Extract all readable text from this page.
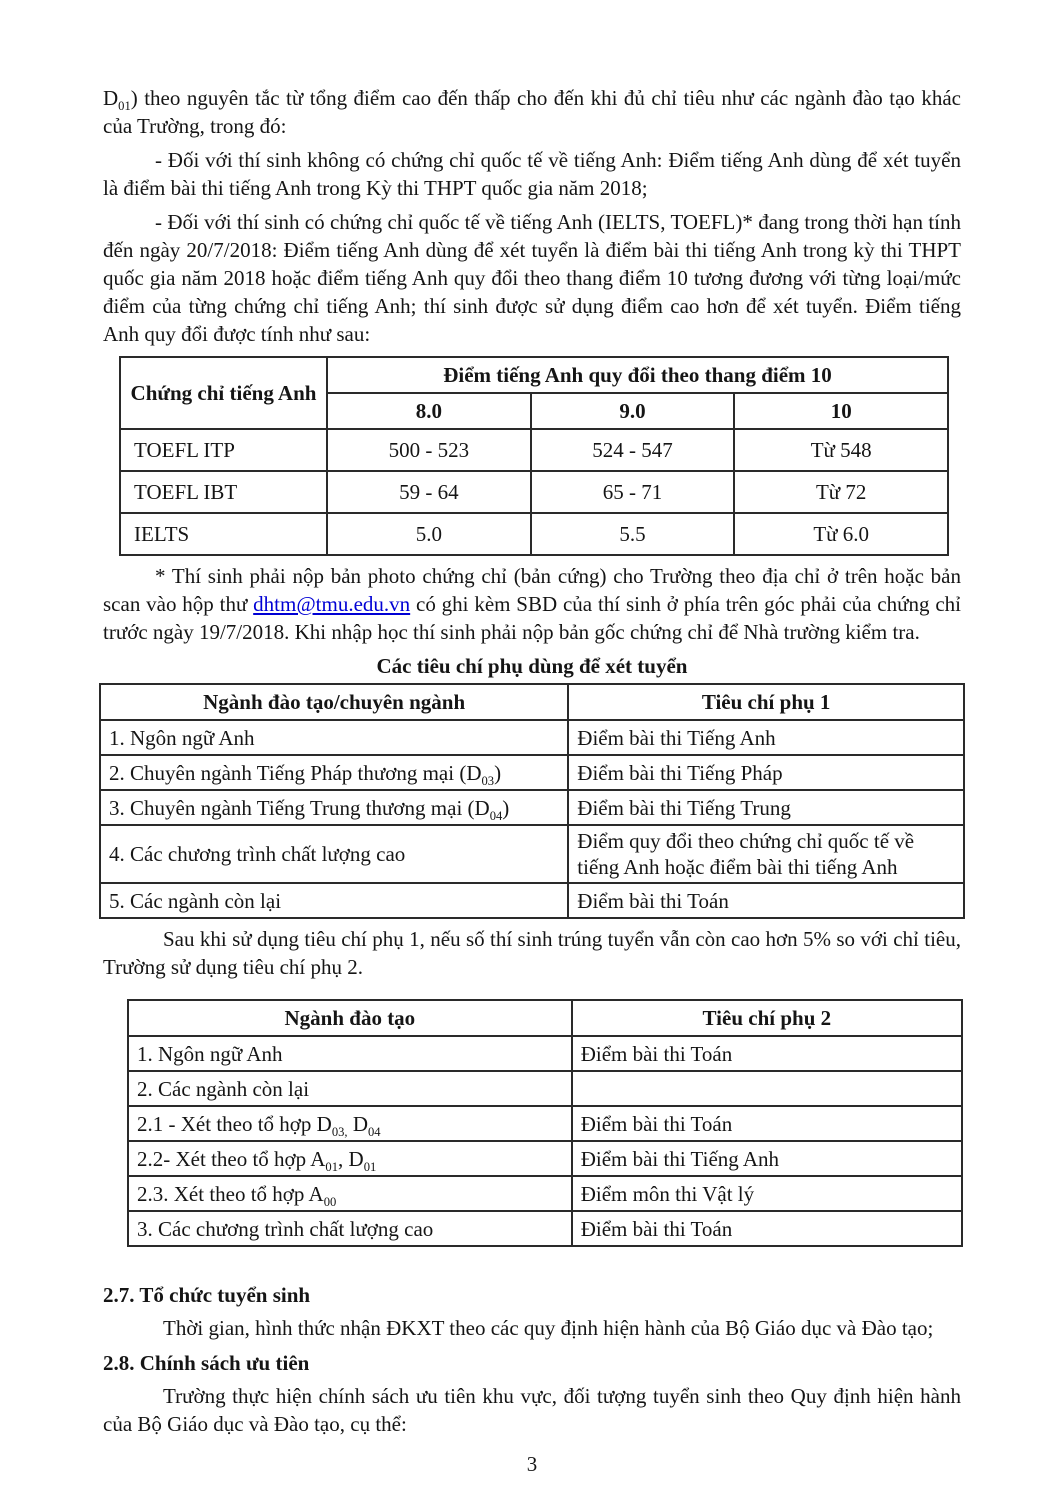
$D_{01}$) theo nguyên tắc từ tổng điểm cao đến thấp cho đến khi đủ chỉ tiêu như các ngành đào tạo khác của Trường, trong đó:

- Đối với thí sinh không có chứng chỉ quốc tế về tiếng Anh: Điểm tiếng Anh dùng để xét tuyển là điểm bài thi tiếng Anh trong Kỳ thi THPT quốc gia năm 2018;

- Đối với thí sinh có chứng chỉ quốc tế về tiếng Anh (IELTS, TOEFL)* đang trong thời hạn tính đến ngày 20/7/2018: Điểm tiếng Anh dùng để xét tuyển là điểm bài thi tiếng Anh trong kỳ thi THPT quốc gia năm 2018 hoặc điểm tiếng Anh quy đổi theo thang điểm 10 tương đương với từng loại/mức điểm của từng chứng chỉ tiếng Anh; thí sinh được sử dụng điểm cao hơn để xét tuyển. Điểm tiếng Anh quy đổi được tính như sau:

Chứng chỉ tiếng Anh	Điểm tiếng Anh quy đổi theo thang điểm 10		
	8.0	9.0	10
TOEFL ITP	500 - 523	524 - 547	Từ 548
TOEFL IBT	59 - 64	65 - 71	Từ 72
IELTS	5.0	5.5	Từ 6.0

* Thí sinh phải nộp bản photo chứng chỉ (bản cứng) cho Trường theo địa chỉ ở trên hoặc bản scan vào hộp thư dhtm@tmu.edu.vn có ghi kèm SBD của thí sinh ở phía trên góc phải của chứng chỉ trước ngày 19/7/2018. Khi nhập học thí sinh phải nộp bản gốc chứng chỉ để Nhà trường kiểm tra.

Các tiêu chí phụ dùng để xét tuyển

Ngành đào tạo/chuyên ngành	Tiêu chí phụ 1
1. Ngôn ngữ Anh	Điểm bài thi Tiếng Anh
2. Chuyên ngành Tiếng Pháp thương mại $(D_{03})$	Điểm bài thi Tiếng Pháp
3. Chuyên ngành Tiếng Trung thương mại $(D_{04})$	Điểm bài thi Tiếng Trung
4. Các chương trình chất lượng cao	Điểm quy đổi theo chứng chỉ quốc tế về tiếng Anh hoặc điểm bài thi tiếng Anh
5. Các ngành còn lại	Điểm bài thi Toán

Sau khi sử dụng tiêu chí phụ 1, nếu số thí sinh trúng tuyển vẫn còn cao hơn 5% so với chỉ tiêu, Trường sử dụng tiêu chí phụ 2.

Ngành đào tạo	Tiêu chí phụ 2
1. Ngôn ngữ Anh	Điểm bài thi Toán
2. Các ngành còn lại	
2.1 - Xét theo tổ hợp $D_{03,}$ $D_{04}$	Điểm bài thi Toán
2.2- Xét theo tổ hợp $A_{01}$, $D_{01}$	Điểm bài thi Tiếng Anh
2.3. Xét theo tổ hợp $A_{00}$	Điểm môn thi Vật lý
3. Các chương trình chất lượng cao	Điểm bài thi Toán

2.7. Tổ chức tuyển sinh

Thời gian, hình thức nhận ĐKXT theo các quy định hiện hành của Bộ Giáo dục và Đào tạo;

2.8. Chính sách ưu tiên

Trường thực hiện chính sách ưu tiên khu vực, đối tượng tuyển sinh theo Quy định hiện hành của Bộ Giáo dục và Đào tạo, cụ thể:

3
